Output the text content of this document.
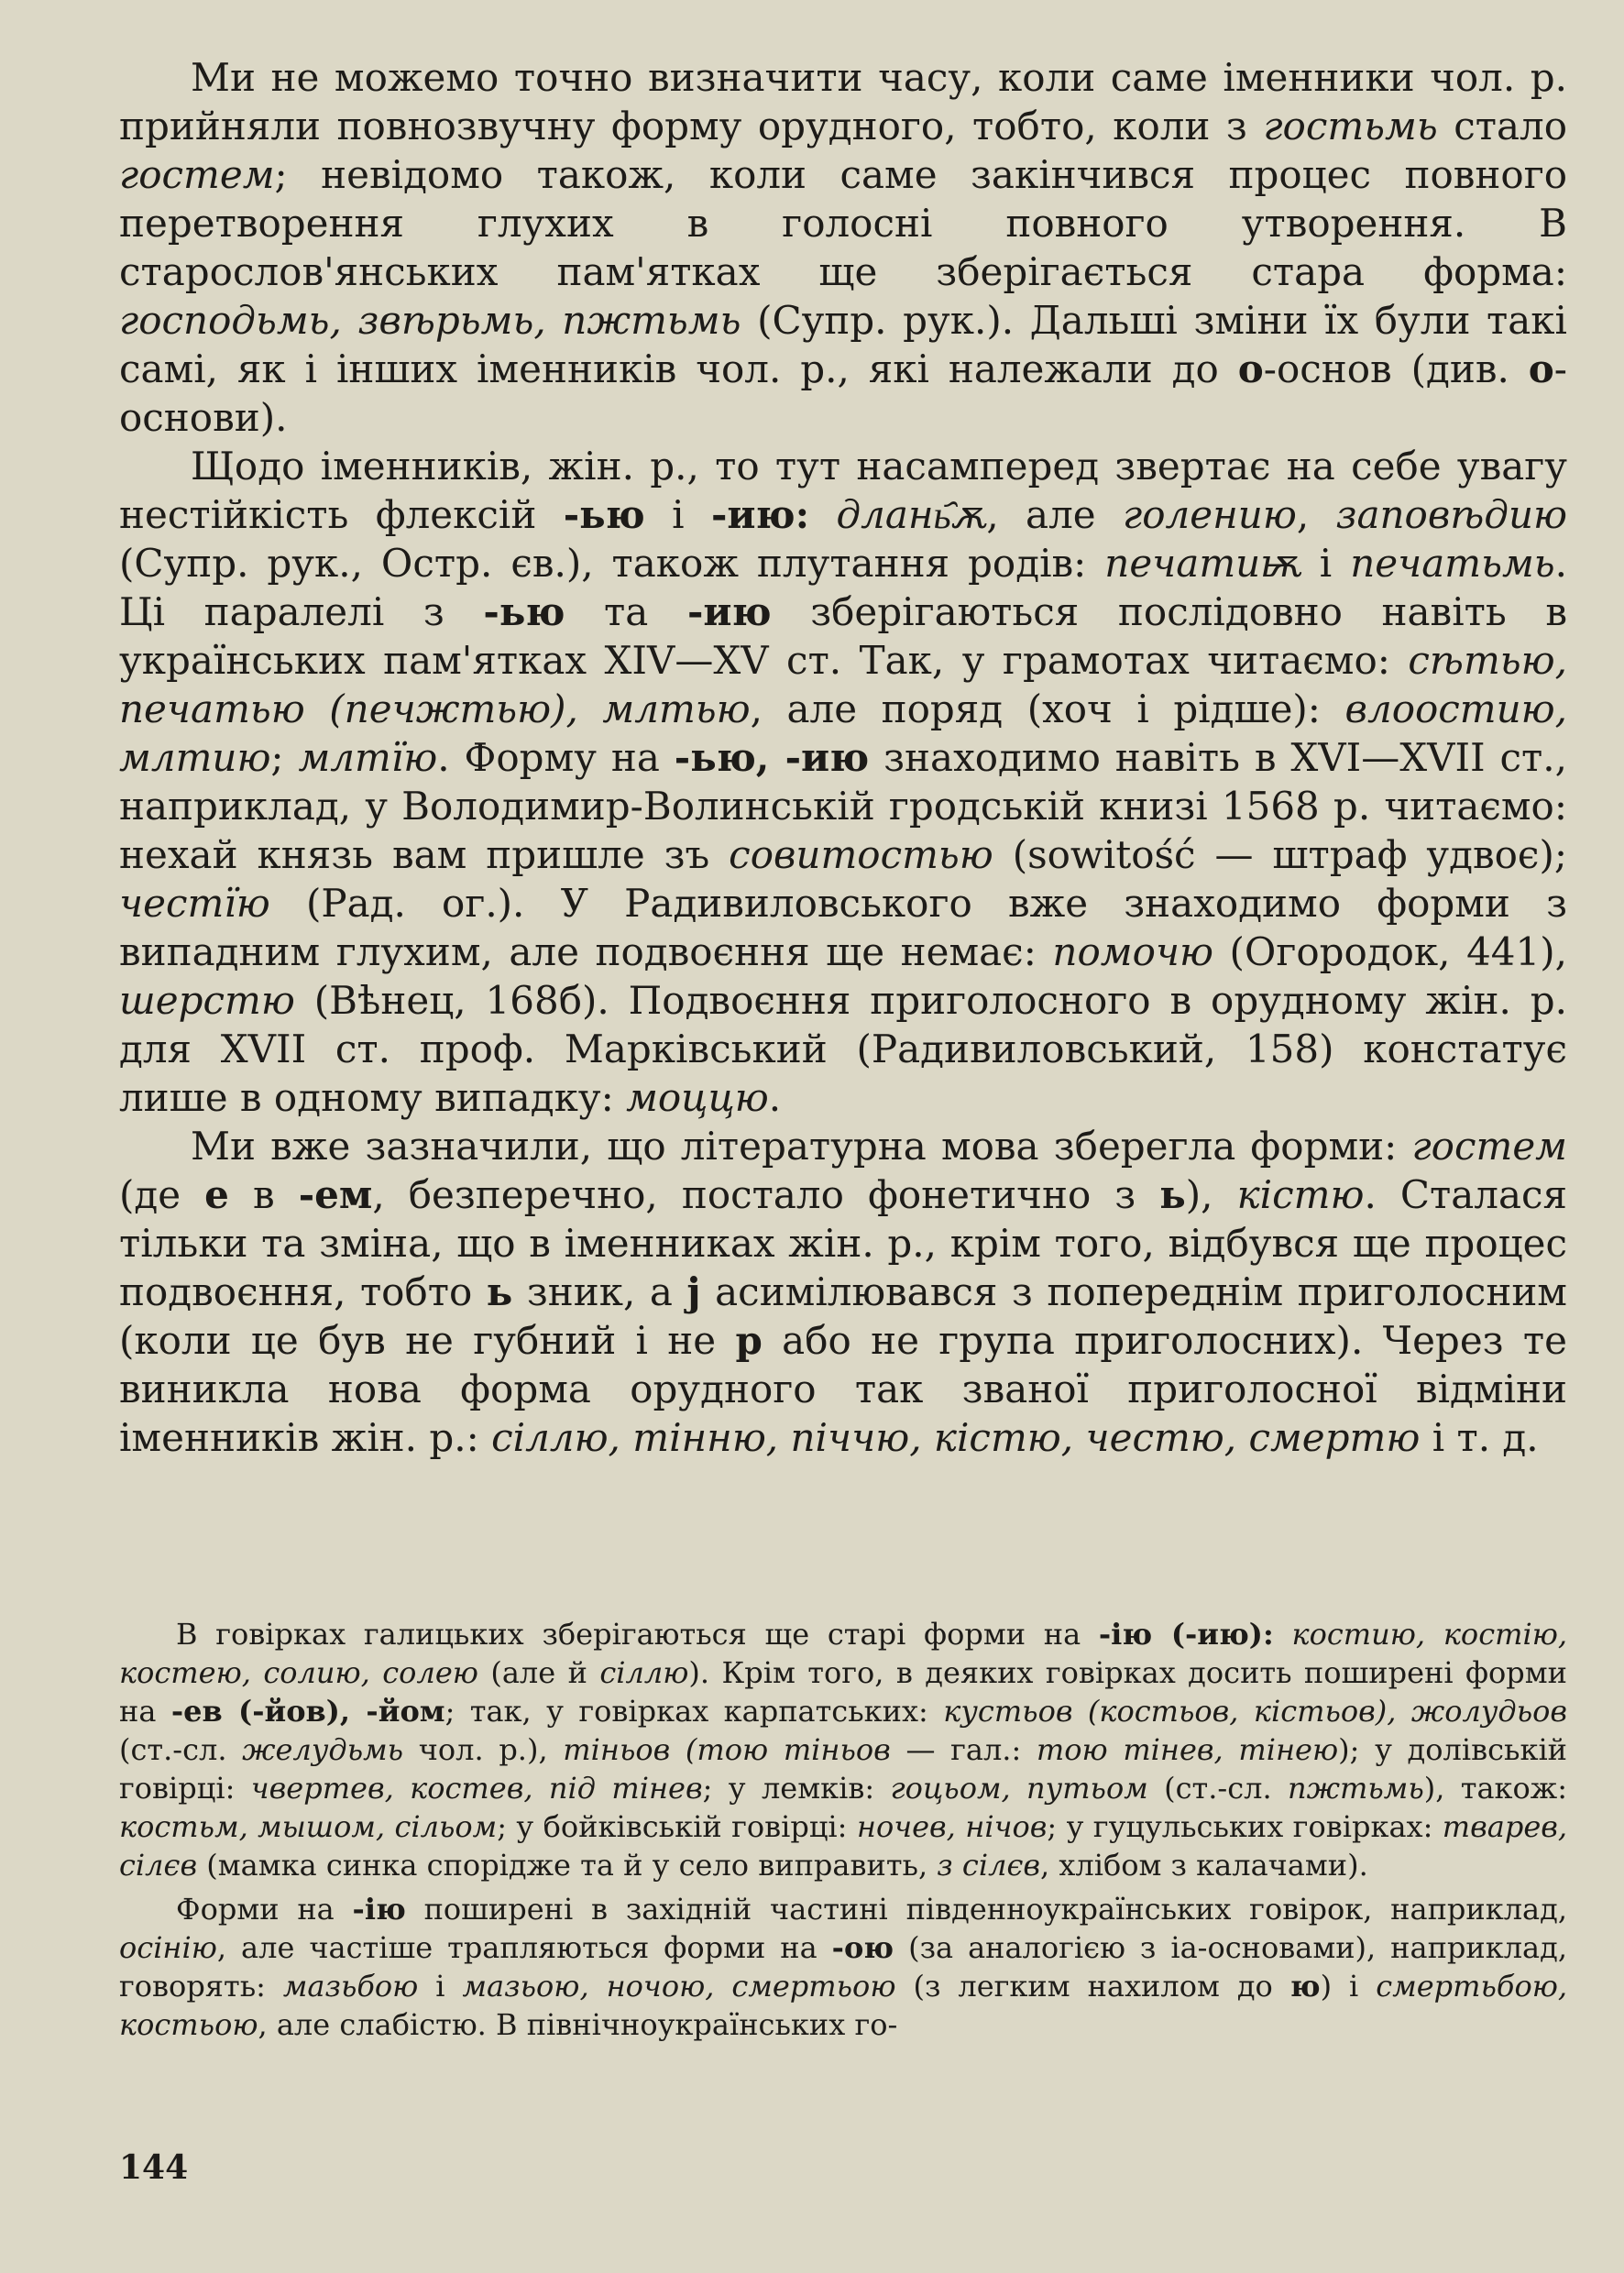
Ми не можемо точно визначити часу, коли саме іменники чол. р. прийняли повнозвучну форму орудного, тобто, коли з гостьмь стало гостем; невідомо також, коли саме закінчився процес повного перетворення глухих в голосні повного утворення. В старослов'янських пам'ятках ще зберігається стара форма: господьмь, звѣрьмь, пжтьмь (Супр. рук.). Дальші зміни їх були такі самі, як і інших іменників чол. р., які належали до о-основ (див. о-основи).

Щодо іменників, жін. р., то тут насамперед звертає на себе увагу нестійкість флексій -ью і -ию: длань҄ѫ, але голению, заповѣдию (Супр. рук., Остр. єв.), також плутання родів: печатиѭ і печатьмь. Ці паралелі з -ью та -ию зберігаються послідовно навіть в українських пам'ятках XIV—XV ст. Так, у грамотах читаємо: сѣтью, печатью (печжтью), млтью, але поряд (хоч і рідше): влоостию, млтию; млтїю. Форму на -ью, -ию знаходимо навіть в XVI—XVII ст., наприклад, у Володимир-Волинській гродській книзі 1568 р. читаємо: нехай князь вам пришле зъ совитостью (sowitość — штраф удвоє); честїю (Рад. ог.). У Радивиловського вже знаходимо форми з випадним глухим, але подвоєння ще немає: помочю (Огородок, 441), шерстю (Вѣнец, 168б). Подвоєння приголосного в орудному жін. р. для XVII ст. проф. Марківський (Радивиловський, 158) констатує лише в одному випадку: моццю.

Ми вже зазначили, що літературна мова зберегла форми: гостем (де е в -ем, безперечно, постало фонетично з ь), кістю. Сталася тільки та зміна, що в іменниках жін. р., крім того, відбувся ще процес подвоєння, тобто ь зник, а j асимілювався з попереднім приголосним (коли це був не губний і не р або не група приголосних). Через те виникла нова форма орудного так званої приголосної відміни іменників жін. р.: сіллю, тінню, піччю, кістю, честю, смертю і т. д.

В говірках галицьких зберігаються ще старі форми на -ію (-ию): костию, костію, костею, солию, солею (але й сіллю). Крім того, в деяких говірках досить поширені форми на -ев (-йов), -йом; так, у говірках карпатських: кустьов (костьов, кістьов), жолудьов (ст.-сл. желудьмь чол. р.), тіньов (тою тіньов — гал.: тою тінев, тінею); у долівській говірці: чвертев, костев, під тінев; у лемків: гоцьом, путьом (ст.-сл. пжтьмь), також: костьм, мышом, сільом; у бойківській говірці: ночев, нічов; у гуцульських говірках: тварев, сілєв (мамка синка спорідже та й у село виправить, з сілєв, хлібом з калачами).

Форми на -ію поширені в західній частині південноукраїнських говірок, наприклад, осінію, але частіше трапляються форми на -ою (за аналогією з ia-основами), наприклад, говорять: мазьбою і мазьою, ночою, смертьою (з легким нахилом до ю) і смертьбою, костьою, але слабістю. В північноукраїнських го-

144
